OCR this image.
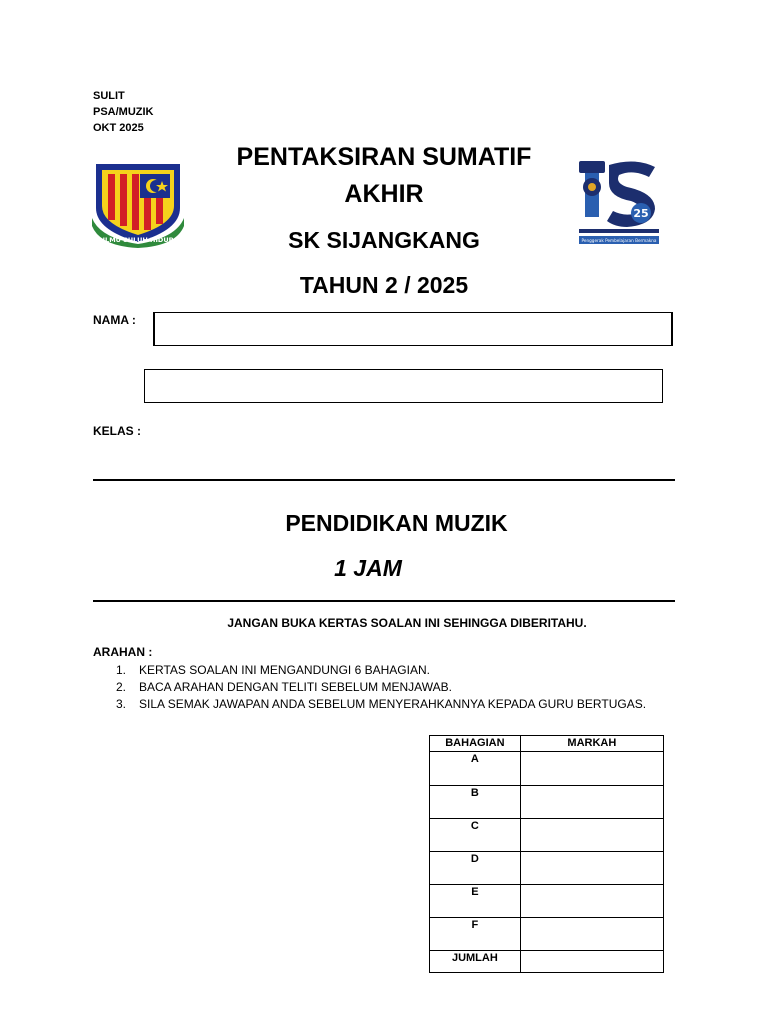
SULIT
PSA/MUZIK
OKT 2025
ILMU SULUH HIDUP
25
Penggerak Pembelajaran Bermakna
PENTAKSIRAN SUMATIF
AKHIR
SK SIJANGKANG
TAHUN 2 / 2025
NAMA :
KELAS :
PENDIDIKAN MUZIK
1 JAM
JANGAN BUKA KERTAS SOALAN INI SEHINGGA DIBERITAHU.
ARAHAN :
1. KERTAS SOALAN INI MENGANDUNGI 6 BAHAGIAN.
2. BACA ARAHAN DENGAN TELITI SEBELUM MENJAWAB.
3. SILA SEMAK JAWAPAN ANDA SEBELUM MENYERAHKANNYA KEPADA GURU BERTUGAS.
BAHAGIAN	MARKAH
A	
B	
C	
D	
E	
F	
JUMLAH	
